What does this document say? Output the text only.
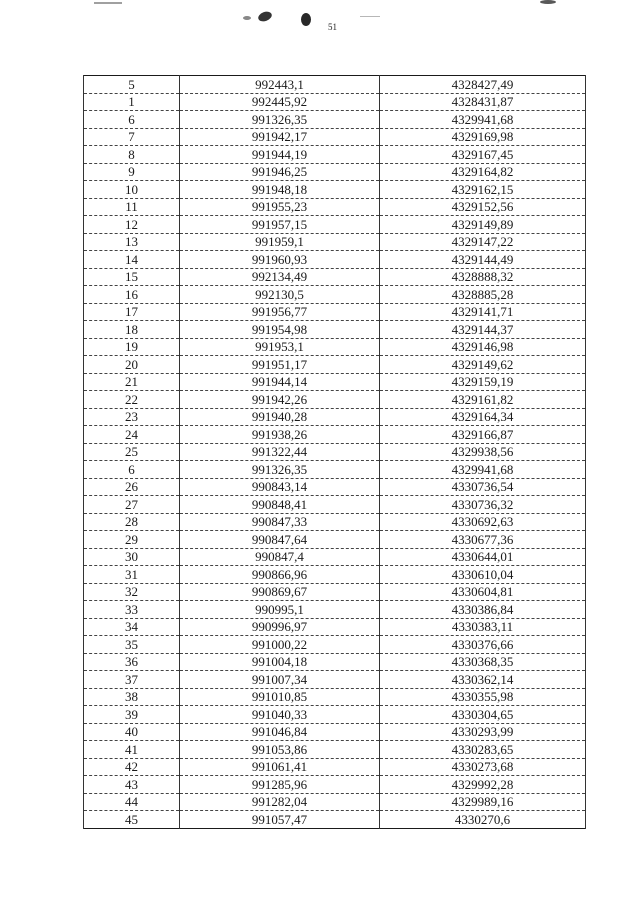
51
5	992443,1	4328427,49
1	992445,92	4328431,87
6	991326,35	4329941,68
7	991942,17	4329169,98
8	991944,19	4329167,45
9	991946,25	4329164,82
10	991948,18	4329162,15
11	991955,23	4329152,56
12	991957,15	4329149,89
13	991959,1	4329147,22
14	991960,93	4329144,49
15	992134,49	4328888,32
16	992130,5	4328885,28
17	991956,77	4329141,71
18	991954,98	4329144,37
19	991953,1	4329146,98
20	991951,17	4329149,62
21	991944,14	4329159,19
22	991942,26	4329161,82
23	991940,28	4329164,34
24	991938,26	4329166,87
25	991322,44	4329938,56
6	991326,35	4329941,68
26	990843,14	4330736,54
27	990848,41	4330736,32
28	990847,33	4330692,63
29	990847,64	4330677,36
30	990847,4	4330644,01
31	990866,96	4330610,04
32	990869,67	4330604,81
33	990995,1	4330386,84
34	990996,97	4330383,11
35	991000,22	4330376,66
36	991004,18	4330368,35
37	991007,34	4330362,14
38	991010,85	4330355,98
39	991040,33	4330304,65
40	991046,84	4330293,99
41	991053,86	4330283,65
42	991061,41	4330273,68
43	991285,96	4329992,28
44	991282,04	4329989,16
45	991057,47	4330270,6
